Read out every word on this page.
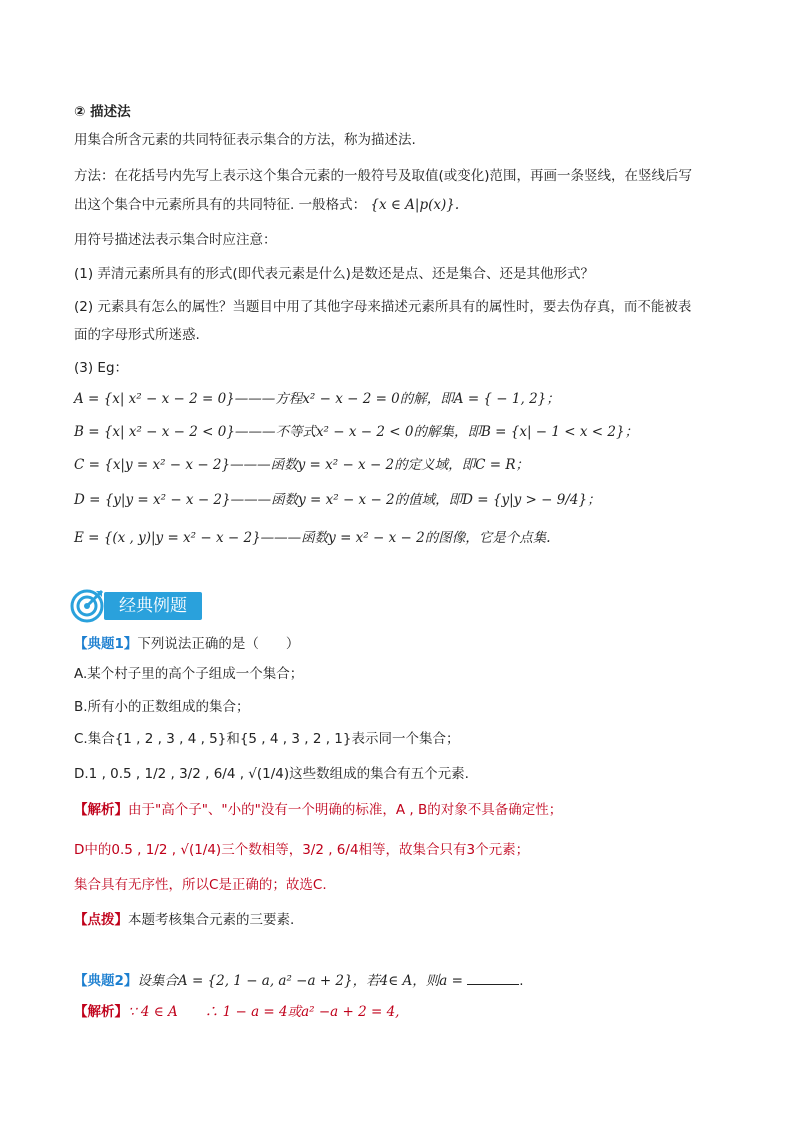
② 描述法
用集合所含元素的共同特征表示集合的方法，称为描述法.
方法：在花括号内先写上表示这个集合元素的一般符号及取值(或变化)范围，再画一条竖线，在竖线后写
出这个集合中元素所具有的共同特征. 一般格式： {x ∈ A|p(x)}.
用符号描述法表示集合时应注意：
(1) 弄清元素所具有的形式(即代表元素是什么)是数还是点、还是集合、还是其他形式？
(2) 元素具有怎么的属性？当题目中用了其他字母来描述元素所具有的属性时，要去伪存真，而不能被表
面的字母形式所迷惑.
(3) Eg：
A = {x| x² − x − 2 = 0}———方程x² − x − 2 = 0的解，即A = { − 1, 2}；
B = {x| x² − x − 2 < 0}———不等式x² − x − 2 < 0的解集，即B = {x| − 1 < x < 2}；
C = {x|y = x² − x − 2}———函数y = x² − x − 2的定义域，即C = R；
D = {y|y = x² − x − 2}———函数y = x² − x − 2的值域，即D = {y|y > − 9/4}；
E = {(x , y)|y = x² − x − 2}———函数y = x² − x − 2的图像，它是个点集.
经典例题
【典题1】下列说法正确的是（　　）
A.某个村子里的高个子组成一个集合；
B.所有小的正数组成的集合；
C.集合{1 , 2 , 3 , 4 , 5}和{5 , 4 , 3 , 2 , 1}表示同一个集合；
D.1 , 0.5 , 1/2 , 3/2 , 6/4 , √(1/4)这些数组成的集合有五个元素.
【解析】由于"高个子"、"小的"没有一个明确的标准，A , B的对象不具备确定性；
D中的0.5 , 1/2 , √(1/4)三个数相等，3/2 , 6/4相等，故集合只有3个元素；
集合具有无序性，所以C是正确的；故选C.
【点拨】本题考核集合元素的三要素.
【典题2】设集合A = {2, 1 − a, a² −a + 2}，若4∈ A，则a =	.
【解析】∵ 4 ∈ A　　∴ 1 − a = 4或a² −a + 2 = 4,
